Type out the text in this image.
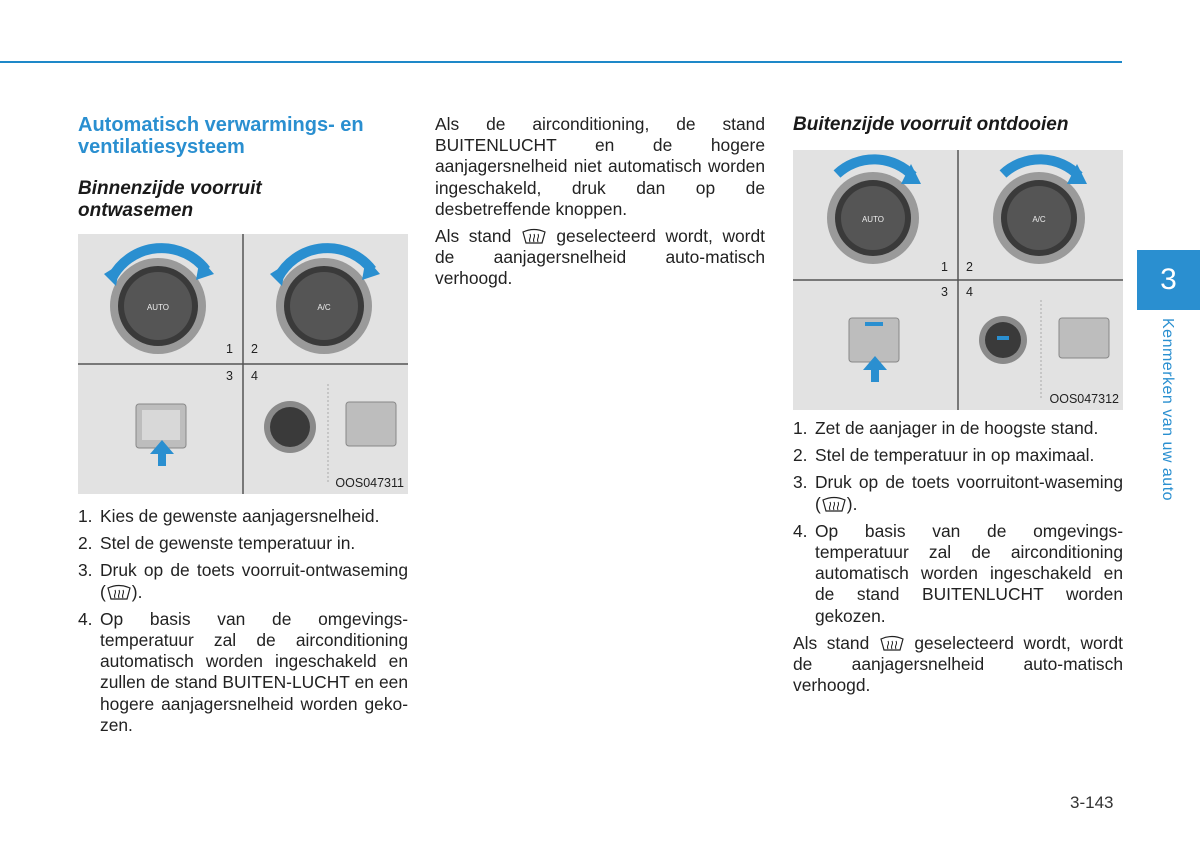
Automatisch verwarmings- en
ventilatiesysteem
Binnenzijde voorruit
ontwasemen
AUTO	A/C
1 2
3 4
OOS047311
1. Kies de gewenste aanjagersnelheid.
2. Stel de gewenste temperatuur in.
3. Druk op de toets voorruit-ontwaseming ( ).
4. Op basis van de omgevings-temperatuur zal de airconditioning automatisch worden ingeschakeld en zullen de stand BUITEN-LUCHT en een hogere aanjagersnelheid worden geko-zen.

Als de airconditioning, de stand BUITENLUCHT en de hogere aanjagersnelheid niet automatisch worden ingeschakeld, druk dan op de desbetreffende knoppen.

Als stand	geselecteerd wordt, wordt de aanjagersnelheid auto-matisch verhoogd.

Buitenzijde voorruit ontdooien
AUTO	A/C
1 2
3 4
OOS047312
1. Zet de aanjager in de hoogste stand.
2. Stel de temperatuur in op maximaal.
3. Druk op de toets voorruitont-waseming ( ).
4. Op basis van de omgevings-temperatuur zal de airconditioning automatisch worden ingeschakeld en de stand BUITENLUCHT worden gekozen.

Als stand	geselecteerd wordt, wordt de aanjagersnelheid auto-matisch verhoogd.

3
Kenmerken van uw auto
3-143
